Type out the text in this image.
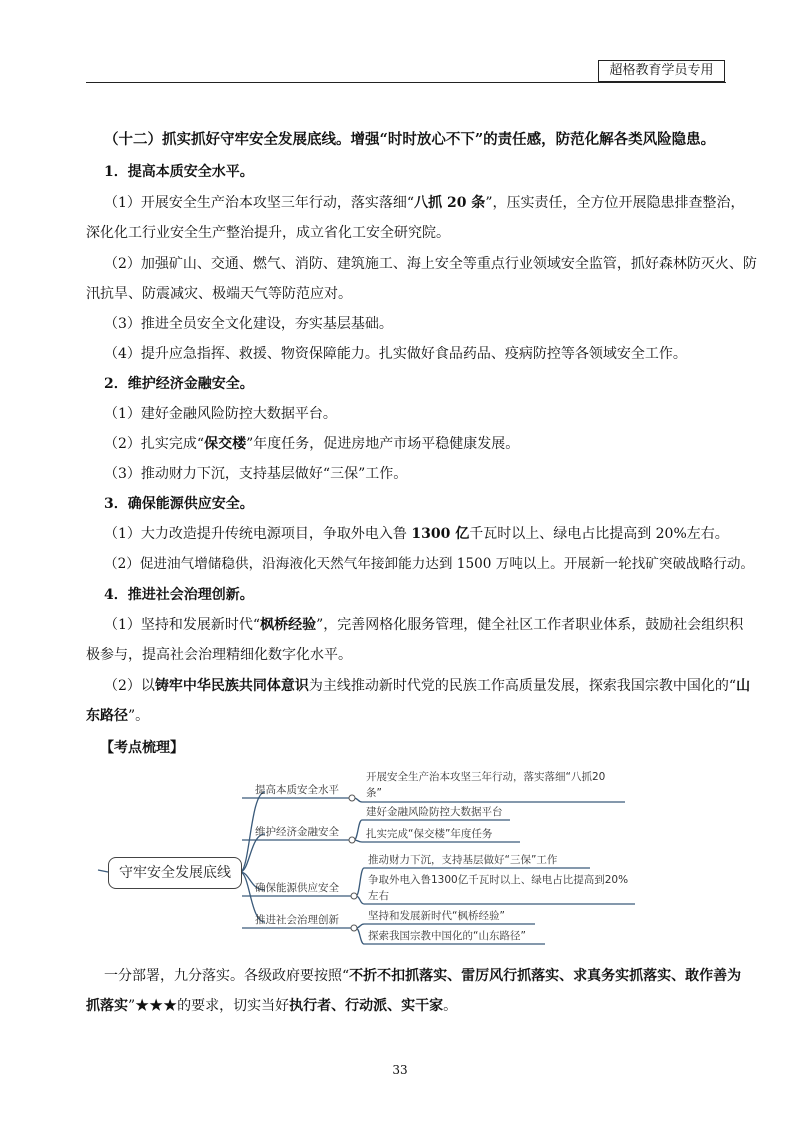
超格教育学员专用
（十二）抓实抓好守牢安全发展底线。增强“时时放心不下”的责任感，防范化解各类风险隐患。
1．提高本质安全水平。
（1）开展安全生产治本攻坚三年行动，落实落细“八抓 20 条”，压实责任，全方位开展隐患排查整治，
深化化工行业安全生产整治提升，成立省化工安全研究院。
（2）加强矿山、交通、燃气、消防、建筑施工、海上安全等重点行业领域安全监管，抓好森林防灭火、防
汛抗旱、防震减灾、极端天气等防范应对。
（3）推进全员安全文化建设，夯实基层基础。
（4）提升应急指挥、救援、物资保障能力。扎实做好食品药品、疫病防控等各领域安全工作。
2．维护经济金融安全。
（1）建好金融风险防控大数据平台。
（2）扎实完成“保交楼”年度任务，促进房地产市场平稳健康发展。
（3）推动财力下沉，支持基层做好“三保”工作。
3．确保能源供应安全。
（1）大力改造提升传统电源项目，争取外电入鲁 1300 亿千瓦时以上、绿电占比提高到 20%左右。
（2）促进油气增储稳供，沿海液化天然气年接卸能力达到 1500 万吨以上。开展新一轮找矿突破战略行动。
4．推进社会治理创新。
（1）坚持和发展新时代“枫桥经验”，完善网格化服务管理，健全社区工作者职业体系，鼓励社会组织积
极参与，提高社会治理精细化数字化水平。
（2）以铸牢中华民族共同体意识为主线推动新时代党的民族工作高质量发展，探索我国宗教中国化的“山
东路径”。
【考点梳理】
守牢安全发展底线
提高本质安全水平
维护经济金融安全
确保能源供应安全
推进社会治理创新
开展安全生产治本攻坚三年行动，落实落细“八抓20
条”
建好金融风险防控大数据平台
扎实完成“保交楼”年度任务
推动财力下沉，支持基层做好“三保”工作
争取外电入鲁1300亿千瓦时以上、绿电占比提高到20%
左右
坚持和发展新时代“枫桥经验”
探索我国宗教中国化的“山东路径”
一分部署，九分落实。各级政府要按照“不折不扣抓落实、雷厉风行抓落实、求真务实抓落实、敢作善为
抓落实”★★★的要求，切实当好执行者、行动派、实干家。
33
